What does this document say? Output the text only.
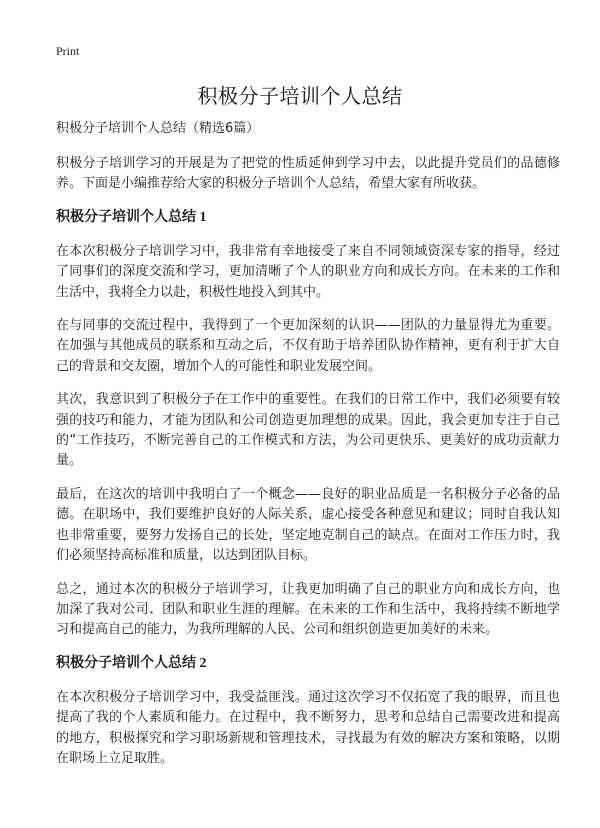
Print
积极分子培训个人总结
积极分子培训个人总结（精选6篇）

积极分子培训学习的开展是为了把党的性质延伸到学习中去，以此提升党员们的品德修养。下面是小编推荐给大家的积极分子培训个人总结，希望大家有所收获。

积极分子培训个人总结 1

在本次积极分子培训学习中，我非常有幸地接受了来自不同领域资深专家的指导，经过了同事们的深度交流和学习，更加清晰了个人的职业方向和成长方向。在未来的工作和生活中，我将全力以赴，积极性地投入到其中。

在与同事的交流过程中，我得到了一个更加深刻的认识——团队的力量显得尤为重要。在加强与其他成员的联系和互动之后，不仅有助于培养团队协作精神，更有利于扩大自己的背景和交友圈，增加个人的可能性和职业发展空间。

其次，我意识到了积极分子在工作中的重要性。在我们的日常工作中，我们必须要有较强的技巧和能力，才能为团队和公司创造更加理想的成果。因此，我会更加专注于自己的“工作技巧，不断完善自己的工作模式和方法，为公司更快乐、更美好的成功贡献力量。

最后，在这次的培训中我明白了一个概念——良好的职业品质是一名积极分子必备的品德。在职场中，我们要维护良好的人际关系，虚心接受各种意见和建议；同时自我认知也非常重要，要努力发扬自己的长处，坚定地克制自己的缺点。在面对工作压力时，我们必须坚持高标准和质量，以达到团队目标。

总之，通过本次的积极分子培训学习，让我更加明确了自己的职业方向和成长方向，也加深了我对公司、团队和职业生涯的理解。在未来的工作和生活中，我将持续不断地学习和提高自己的能力，为我所理解的人民、公司和组织创造更加美好的未来。

积极分子培训个人总结 2

在本次积极分子培训学习中，我受益匪浅。通过这次学习不仅拓宽了我的眼界，而且也提高了我的个人素质和能力。在过程中，我不断努力，思考和总结自己需要改进和提高的地方，积极探究和学习职场新规和管理技术，寻找最为有效的解决方案和策略，以期在职场上立足取胜。
